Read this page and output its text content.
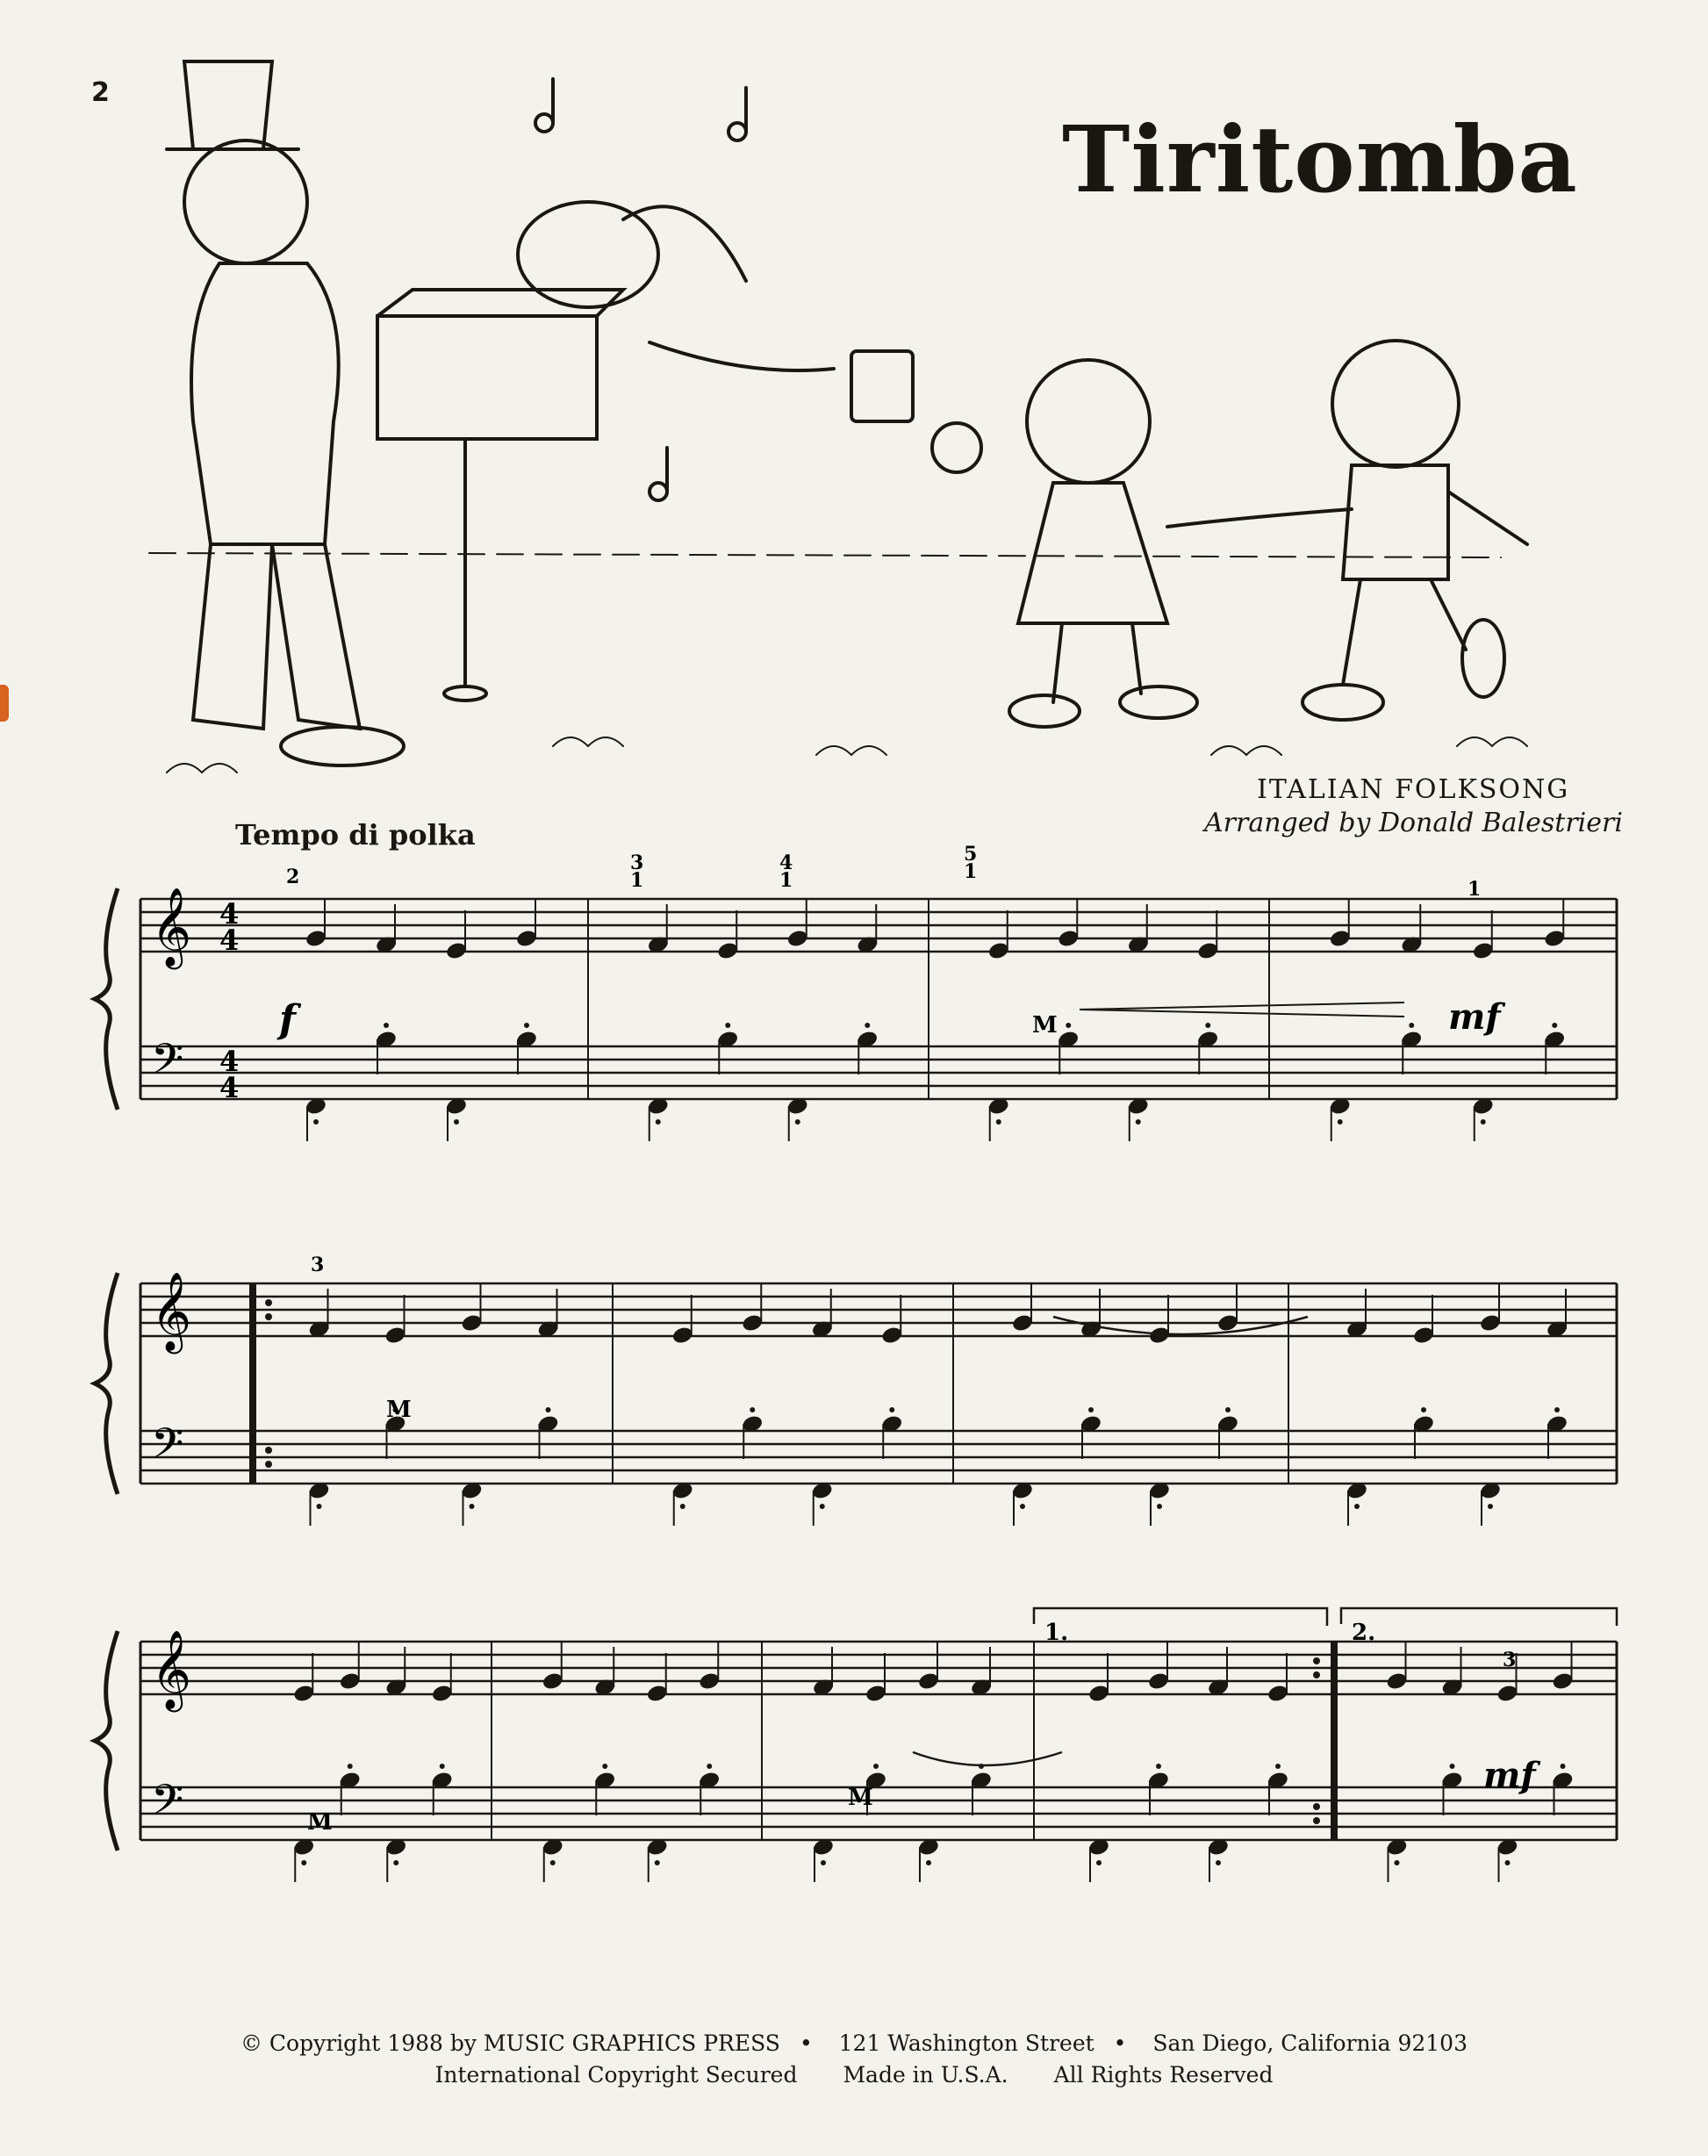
2
Tiritomba
ITALIAN FOLKSONG
Arranged by Donald Balestrieri
Tempo di polka
𝄞
𝄢
4
4
4
4
𝄞
𝄢
𝄞
𝄢
2
3
1
4
1
5
1
1
f	mf
M
3
M
1.	2.
3
mf
M
M
© Copyright 1988 by MUSIC GRAPHICS PRESS • 121 Washington Street • San Diego, California 92103
International Copyright Secured Made in U.S.A. All Rights Reserved
